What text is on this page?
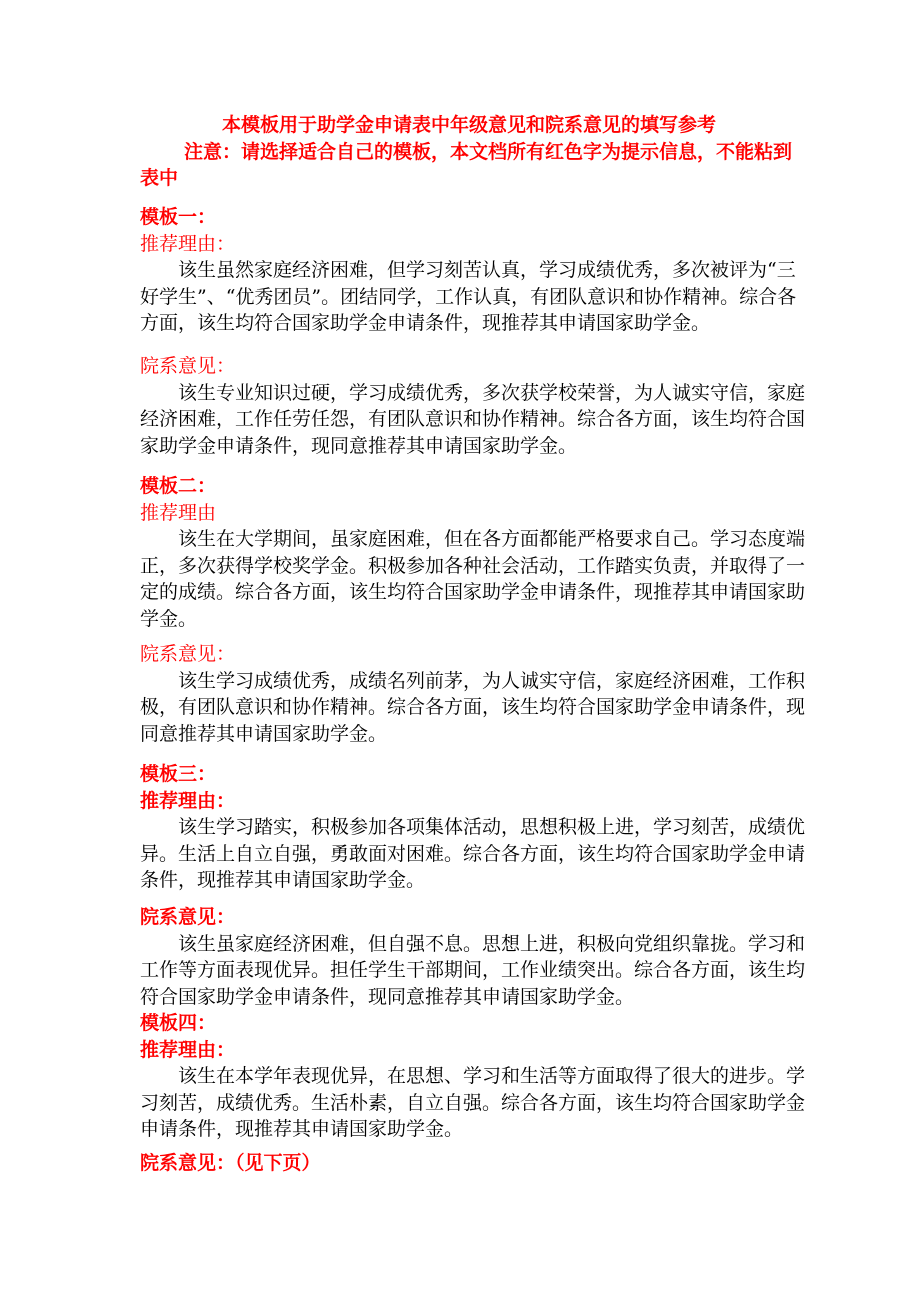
本模板用于助学金申请表中年级意见和院系意见的填写参考
注意：请选择适合自己的模板，本文档所有红色字为提示信息，不能粘到
表中
模板一：
推荐理由：
该生虽然家庭经济困难，但学习刻苦认真，学习成绩优秀，多次被评为“三
好学生”、“优秀团员”。团结同学，工作认真，有团队意识和协作精神。综合各
方面，该生均符合国家助学金申请条件，现推荐其申请国家助学金。
院系意见：
该生专业知识过硬，学习成绩优秀，多次获学校荣誉，为人诚实守信，家庭
经济困难，工作任劳任怨，有团队意识和协作精神。综合各方面，该生均符合国
家助学金申请条件，现同意推荐其申请国家助学金。
模板二：
推荐理由
该生在大学期间，虽家庭困难，但在各方面都能严格要求自己。学习态度端
正，多次获得学校奖学金。积极参加各种社会活动，工作踏实负责，并取得了一
定的成绩。综合各方面，该生均符合国家助学金申请条件，现推荐其申请国家助
学金。
院系意见：
该生学习成绩优秀，成绩名列前茅，为人诚实守信，家庭经济困难，工作积
极，有团队意识和协作精神。综合各方面，该生均符合国家助学金申请条件，现
同意推荐其申请国家助学金。
模板三：
推荐理由：
该生学习踏实，积极参加各项集体活动，思想积极上进，学习刻苦，成绩优
异。生活上自立自强，勇敢面对困难。综合各方面，该生均符合国家助学金申请
条件，现推荐其申请国家助学金。
院系意见：
该生虽家庭经济困难，但自强不息。思想上进，积极向党组织靠拢。学习和
工作等方面表现优异。担任学生干部期间，工作业绩突出。综合各方面，该生均
符合国家助学金申请条件，现同意推荐其申请国家助学金。
模板四：
推荐理由：
该生在本学年表现优异，在思想、学习和生活等方面取得了很大的进步。学
习刻苦，成绩优秀。生活朴素，自立自强。综合各方面，该生均符合国家助学金
申请条件，现推荐其申请国家助学金。
院系意见：（见下页）
